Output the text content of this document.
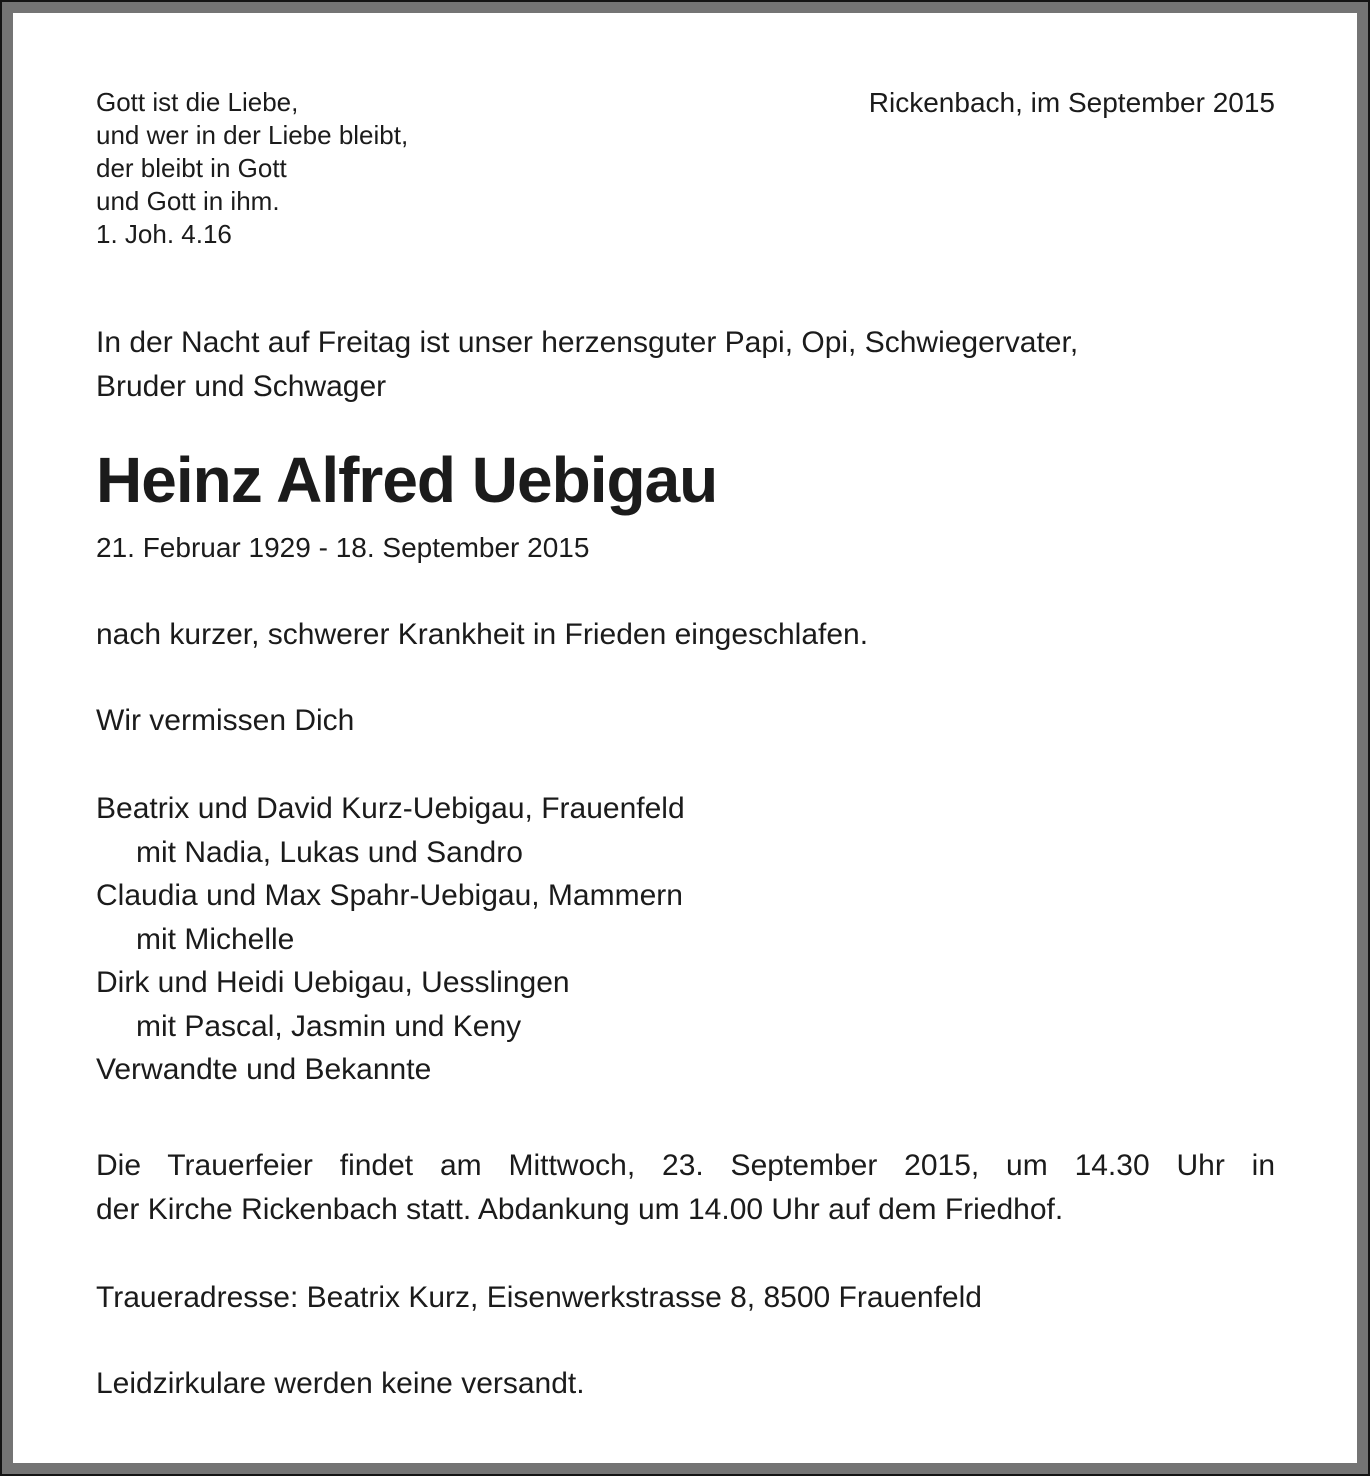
Gott ist die Liebe,
und wer in der Liebe bleibt,
der bleibt in Gott
und Gott in ihm.
1. Joh. 4.16
Rickenbach, im September 2015
In der Nacht auf Freitag ist unser herzensguter Papi, Opi, Schwiegervater,
Bruder und Schwager
Heinz Alfred Uebigau
21. Februar 1929 - 18. September 2015
nach kurzer, schwerer Krankheit in Frieden eingeschlafen.
Wir vermissen Dich
Beatrix und David Kurz-Uebigau, Frauenfeld
mit Nadia, Lukas und Sandro
Claudia und Max Spahr-Uebigau, Mammern
mit Michelle
Dirk und Heidi Uebigau, Uesslingen
mit Pascal, Jasmin und Keny
Verwandte und Bekannte
Die Trauerfeier findet am Mittwoch, 23. September 2015, um 14.30 Uhr in
der Kirche Rickenbach statt. Abdankung um 14.00 Uhr auf dem Friedhof.
Traueradresse: Beatrix Kurz, Eisenwerkstrasse 8, 8500 Frauenfeld
Leidzirkulare werden keine versandt.
